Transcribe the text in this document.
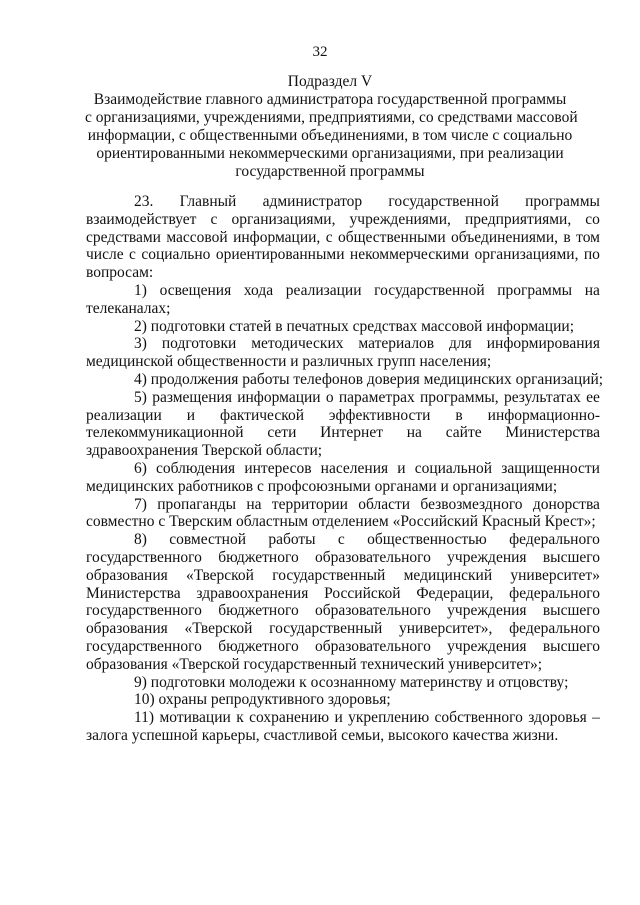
32
Подраздел V
Взаимодействие главного администратора государственной программы
с организациями, учреждениями, предприятиями, со средствами массовой
информации, с общественными объединениями, в том числе с социально
ориентированными некоммерческими организациями, при реализации
государственной программы
23. Главный администратор государственной программы
взаимодействует с организациями, учреждениями, предприятиями, со
средствами массовой информации, с общественными объединениями, в том
числе с социально ориентированными некоммерческими организациями, по
вопросам:
1) освещения хода реализации государственной программы на
телеканалах;
2) подготовки статей в печатных средствах массовой информации;
3) подготовки методических материалов для информирования
медицинской общественности и различных групп населения;
4) продолжения работы телефонов доверия медицинских организаций;
5) размещения информации о параметрах программы, результатах ее
реализации и фактической эффективности в информационно-
телекоммуникационной сети Интернет на сайте Министерства
здравоохранения Тверской области;
6) соблюдения интересов населения и социальной защищенности
медицинских работников с профсоюзными органами и организациями;
7) пропаганды на территории области безвозмездного донорства
совместно с Тверским областным отделением «Российский Красный Крест»;
8) совместной работы с общественностью федерального
государственного бюджетного образовательного учреждения высшего
образования «Тверской государственный медицинский университет»
Министерства здравоохранения Российской Федерации, федерального
государственного бюджетного образовательного учреждения высшего
образования «Тверской государственный университет», федерального
государственного бюджетного образовательного учреждения высшего
образования «Тверской государственный технический университет»;
9) подготовки молодежи к осознанному материнству и отцовству;
10) охраны репродуктивного здоровья;
11) мотивации к сохранению и укреплению собственного здоровья –
залога успешной карьеры, счастливой семьи, высокого качества жизни.
